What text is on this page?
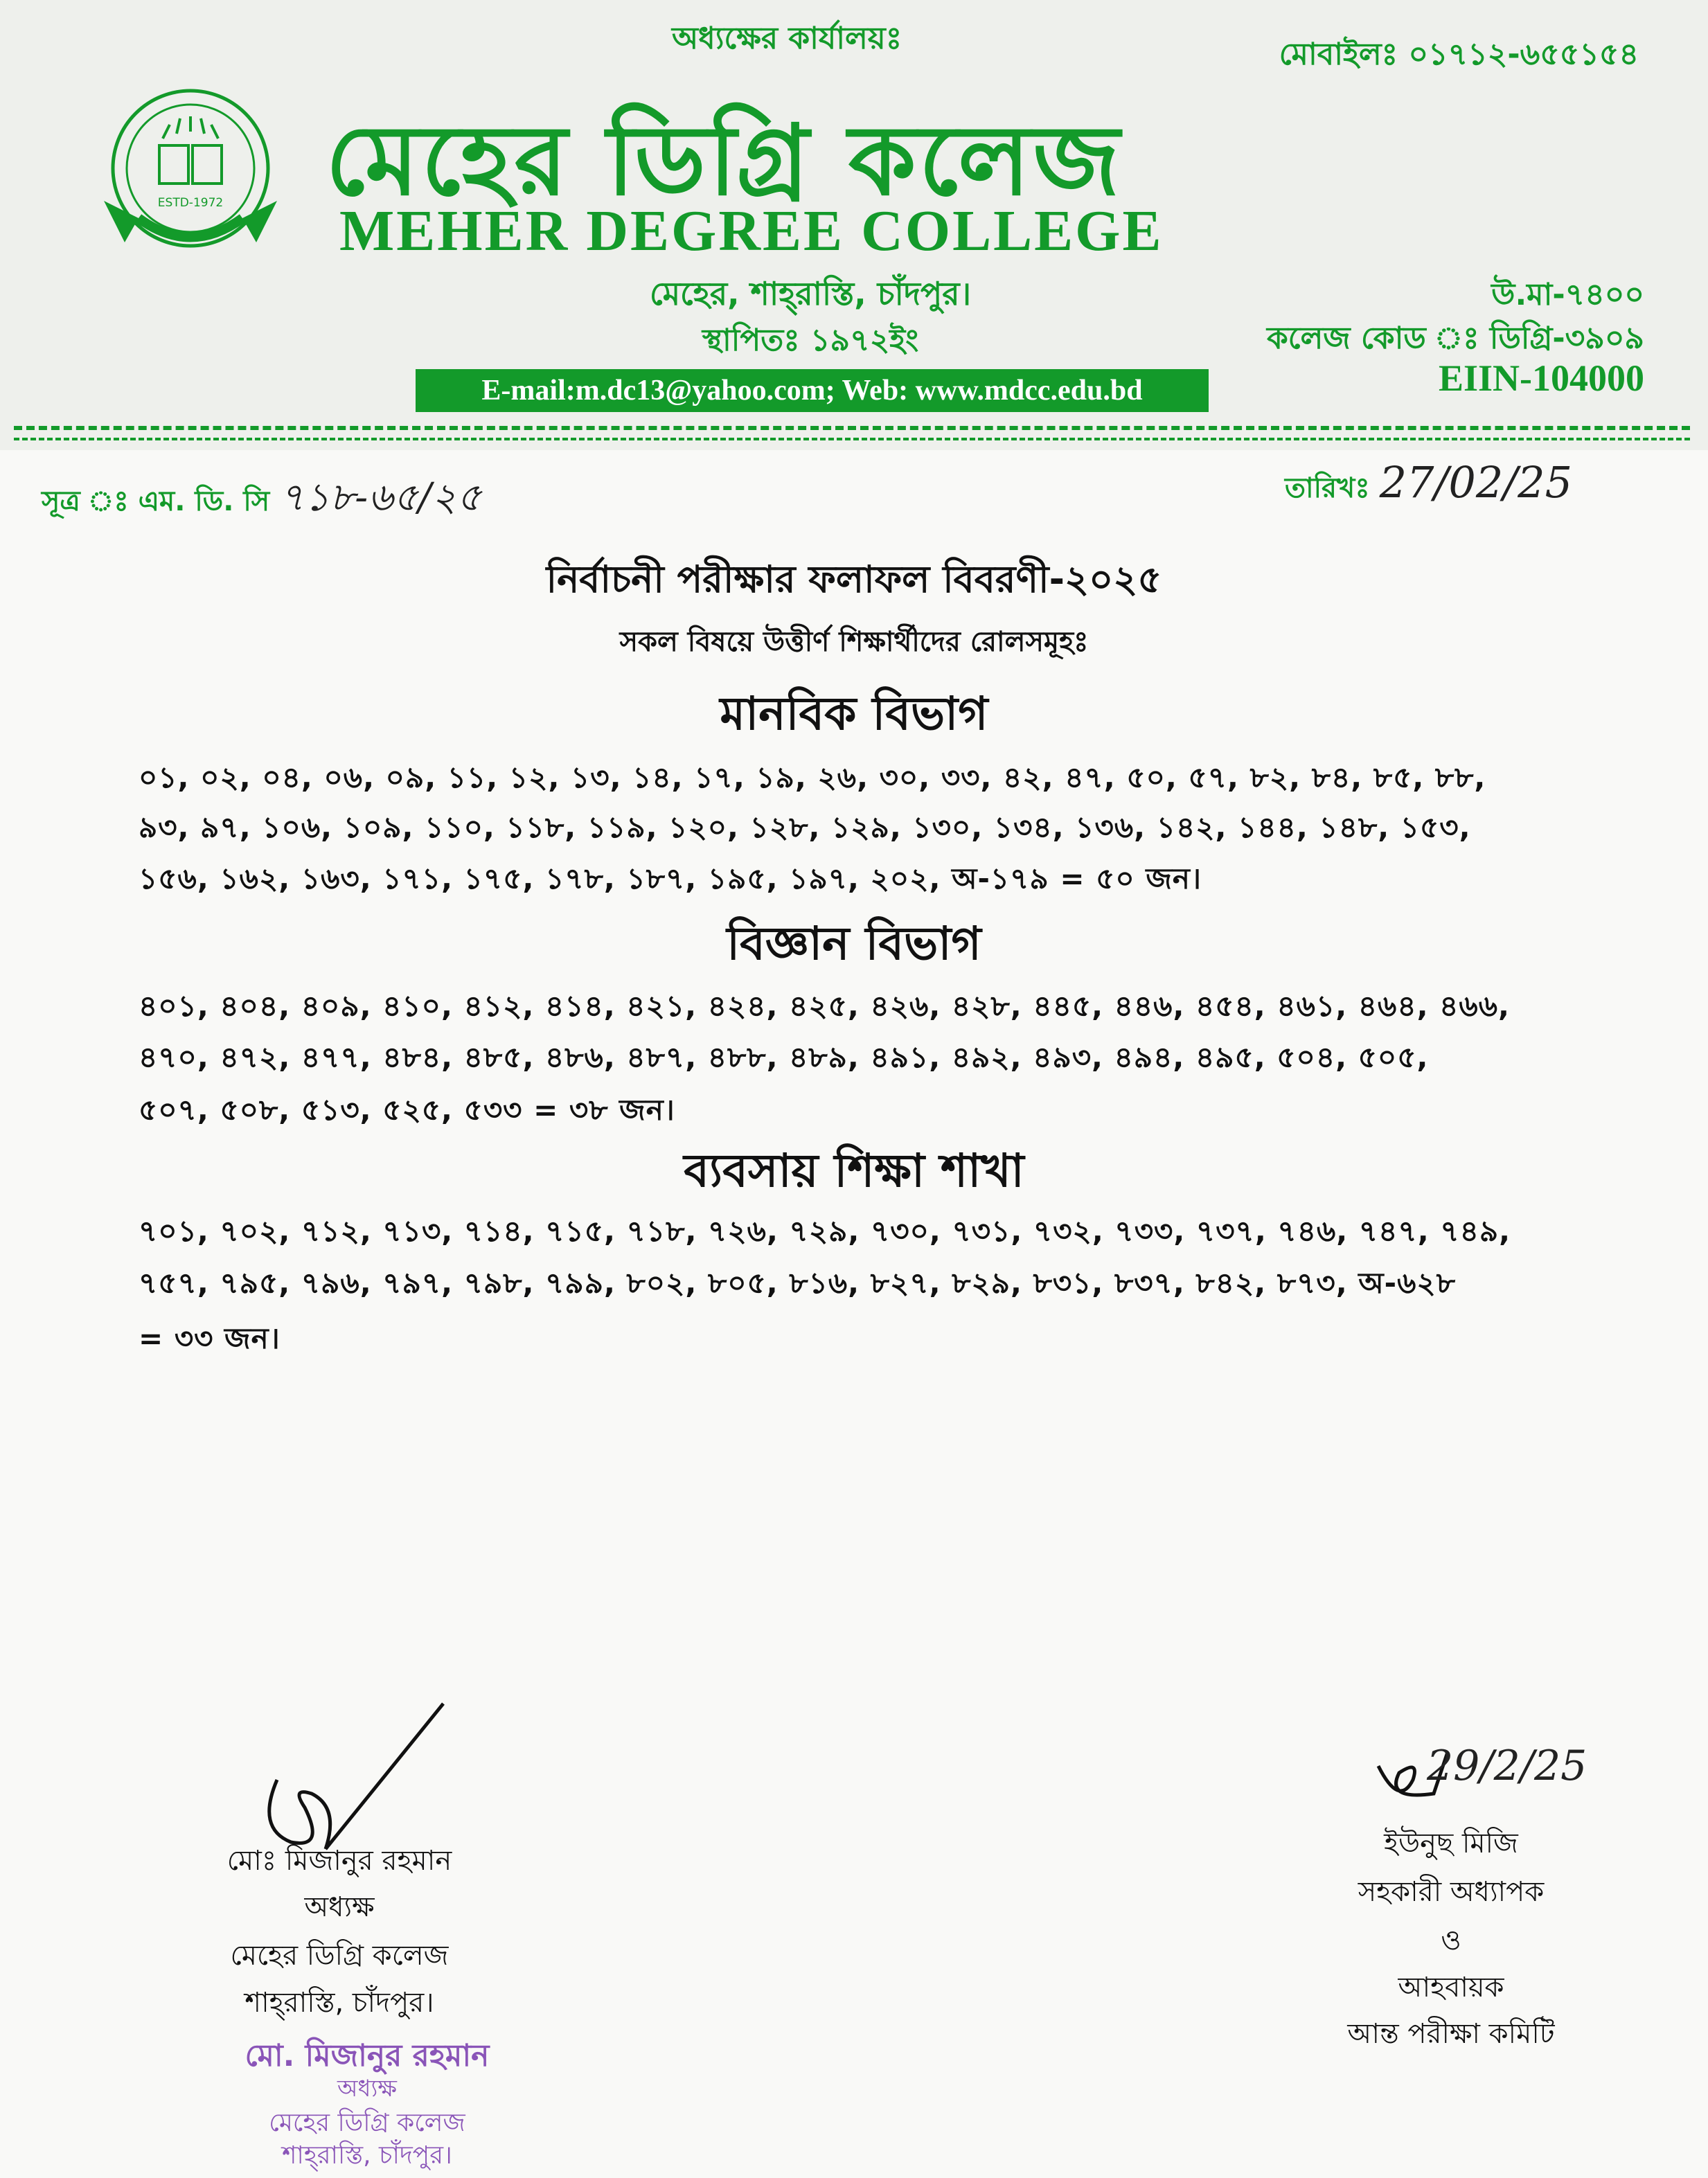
অধ্যক্ষের কার্যালয়ঃ	মোবাইলঃ ০১৭১২-৬৫৫১৫৪
ESTD-1972 মেহের ডিগ্রি কলেজ
MEHER DEGREE COLLEGE
মেহের, শাহ্‌রাস্তি, চাঁদপুর।
স্থাপিতঃ ১৯৭২ইং
E-mail:m.dc13@yahoo.com; Web: www.mdcc.edu.bd
উ.মা-৭৪০০
কলেজ কোড ঃ ডিগ্রি-৩৯০৯
EIIN-104000
সূত্র ঃ এম. ডি. সি ৭১৮-৬৫/২৫	তারিখঃ 27/02/25
নির্বাচনী পরীক্ষার ফলাফল বিবরণী-২০২৫
সকল বিষয়ে উত্তীর্ণ শিক্ষার্থীদের রোলসমূহঃ
মানবিক বিভাগ
০১, ০২, ০৪, ০৬, ০৯, ১১, ১২, ১৩, ১৪, ১৭, ১৯, ২৬, ৩০, ৩৩, ৪২, ৪৭, ৫০, ৫৭, ৮২, ৮৪, ৮৫, ৮৮,
৯৩, ৯৭, ১০৬, ১০৯, ১১০, ১১৮, ১১৯, ১২০, ১২৮, ১২৯, ১৩০, ১৩৪, ১৩৬, ১৪২, ১৪৪, ১৪৮, ১৫৩,
১৫৬, ১৬২, ১৬৩, ১৭১, ১৭৫, ১৭৮, ১৮৭, ১৯৫, ১৯৭, ২০২, অ-১৭৯ = ৫০ জন।
বিজ্ঞান বিভাগ
৪০১, ৪০৪, ৪০৯, ৪১০, ৪১২, ৪১৪, ৪২১, ৪২৪, ৪২৫, ৪২৬, ৪২৮, ৪৪৫, ৪৪৬, ৪৫৪, ৪৬১, ৪৬৪, ৪৬৬,
৪৭০, ৪৭২, ৪৭৭, ৪৮৪, ৪৮৫, ৪৮৬, ৪৮৭, ৪৮৮, ৪৮৯, ৪৯১, ৪৯২, ৪৯৩, ৪৯৪, ৪৯৫, ৫০৪, ৫০৫,
৫০৭, ৫০৮, ৫১৩, ৫২৫, ৫৩৩ = ৩৮ জন।
ব্যবসায় শিক্ষা শাখা
৭০১, ৭০২, ৭১২, ৭১৩, ৭১৪, ৭১৫, ৭১৮, ৭২৬, ৭২৯, ৭৩০, ৭৩১, ৭৩২, ৭৩৩, ৭৩৭, ৭৪৬, ৭৪৭, ৭৪৯,
৭৫৭, ৭৯৫, ৭৯৬, ৭৯৭, ৭৯৮, ৭৯৯, ৮০২, ৮০৫, ৮১৬, ৮২৭, ৮২৯, ৮৩১, ৮৩৭, ৮৪২, ৮৭৩, অ-৬২৮
= ৩৩ জন।
মোঃ মিজানুর রহমান
অধ্যক্ষ
মেহের ডিগ্রি কলেজ
শাহ্‌রাস্তি, চাঁদপুর।
মো. মিজানুর রহমান
অধ্যক্ষ
মেহের ডিগ্রি কলেজ
শাহ্‌রাস্তি, চাঁদপুর।
29/2/25
ইউনুছ মিজি
সহকারী অধ্যাপক
ও
আহবায়ক
আন্ত পরীক্ষা কমিটি
